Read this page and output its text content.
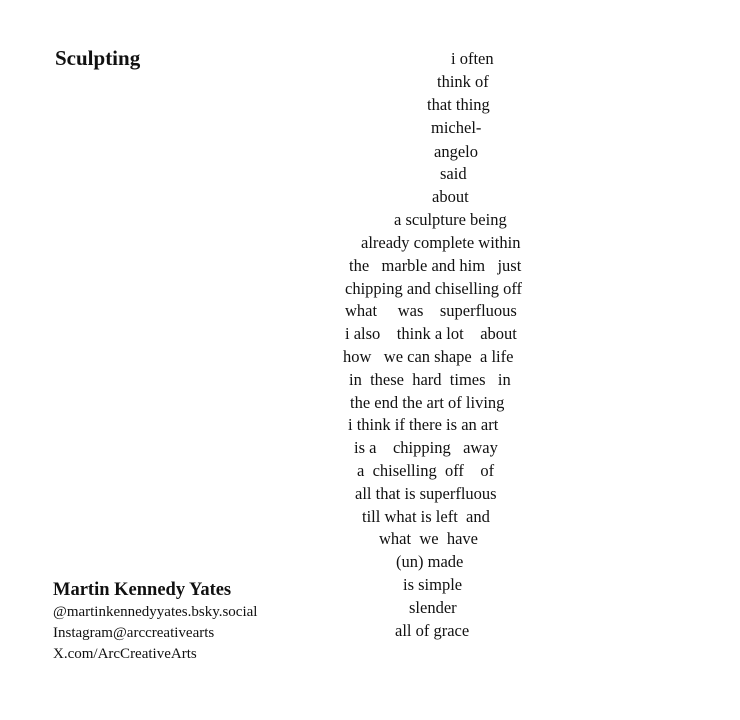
Sculpting	i often
think of
that thing
michel-
angelo
said
about
a sculpture being
already complete within
the   marble and him   just
chipping and chiselling off
what     was    superfluous
i also    think a lot    about
how   we can shape  a life
in  these  hard  times   in
the end the art of living
i think if there is an art
is a    chipping   away
a  chiselling  off    of
all that is superfluous
till what is left  and
what  we  have
(un) made
is simple
slender
all of grace
Martin Kennedy Yates
@martinkennedyyates.bsky.social
Instagram@arccreativearts
X.com/ArcCreativeArts
